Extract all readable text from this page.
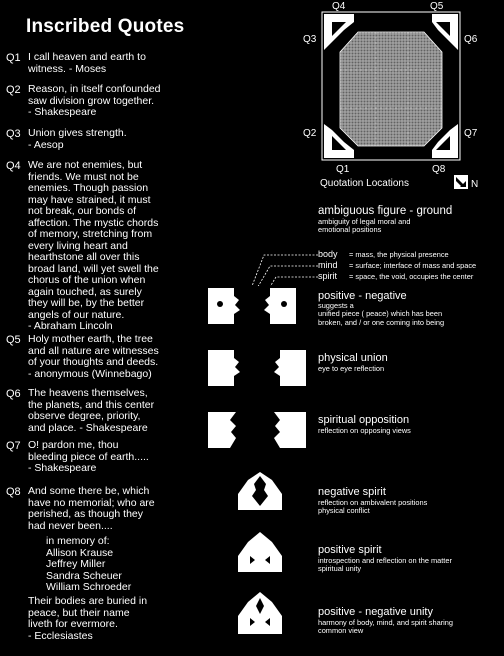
Inscribed Quotes
Q1 I call heaven and earth to
witness. - Moses
Q2 Reason, in itself confounded
saw division grow together.
- Shakespeare
Q3 Union gives strength.
- Aesop
Q4 We are not enemies, but
friends. We must not be
enemies. Though passion
may have strained, it must
not break, our bonds of
affection. The mystic chords
of memory, stretching from
every living heart and
hearthstone all over this
broad land, will yet swell the
chorus of the union when
again touched, as surely
they will be, by the better
angels of our nature.
- Abraham Lincoln
Q5 Holy mother earth, the tree
and all nature are witnesses
of your thoughts and deeds.
- anonymous (Winnebago)
Q6 The heavens themselves,
the planets, and this center
observe degree, priority,
and place. - Shakespeare
Q7 O! pardon me, thou
bleeding piece of earth.....
- Shakespeare
Q8 And some there be, which
have no memorial; who are
perished, as though they
had never been....
in memory of:
Allison Krause
Jeffrey Miller
Sandra Scheuer
William Schroeder
Their bodies are buried in
peace, but their name
liveth for evermore.
- Ecclesiastes
Q4	Q5
Q3	Q6
Q2	Q7
Q1	Q8
Quotation Locations	N
ambiguous figure - ground
ambiguity of legal moral and
emotional positions
body = mass, the physical presence
mind = surface; interface of mass and space
spirit = space, the void, occupies the center
positive - negative
suggests a
unified piece ( peace) which has been
broken, and / or one coming into being
physical union
eye to eye reflection
spiritual opposition
reflection on opposing views
negative spirit
reflection on ambivalent positions
physical conflict
positive spirit
introspection and reflection on the matter
spiritual unity
positive - negative unity
harmony of body, mind, and spirit sharing
common view
